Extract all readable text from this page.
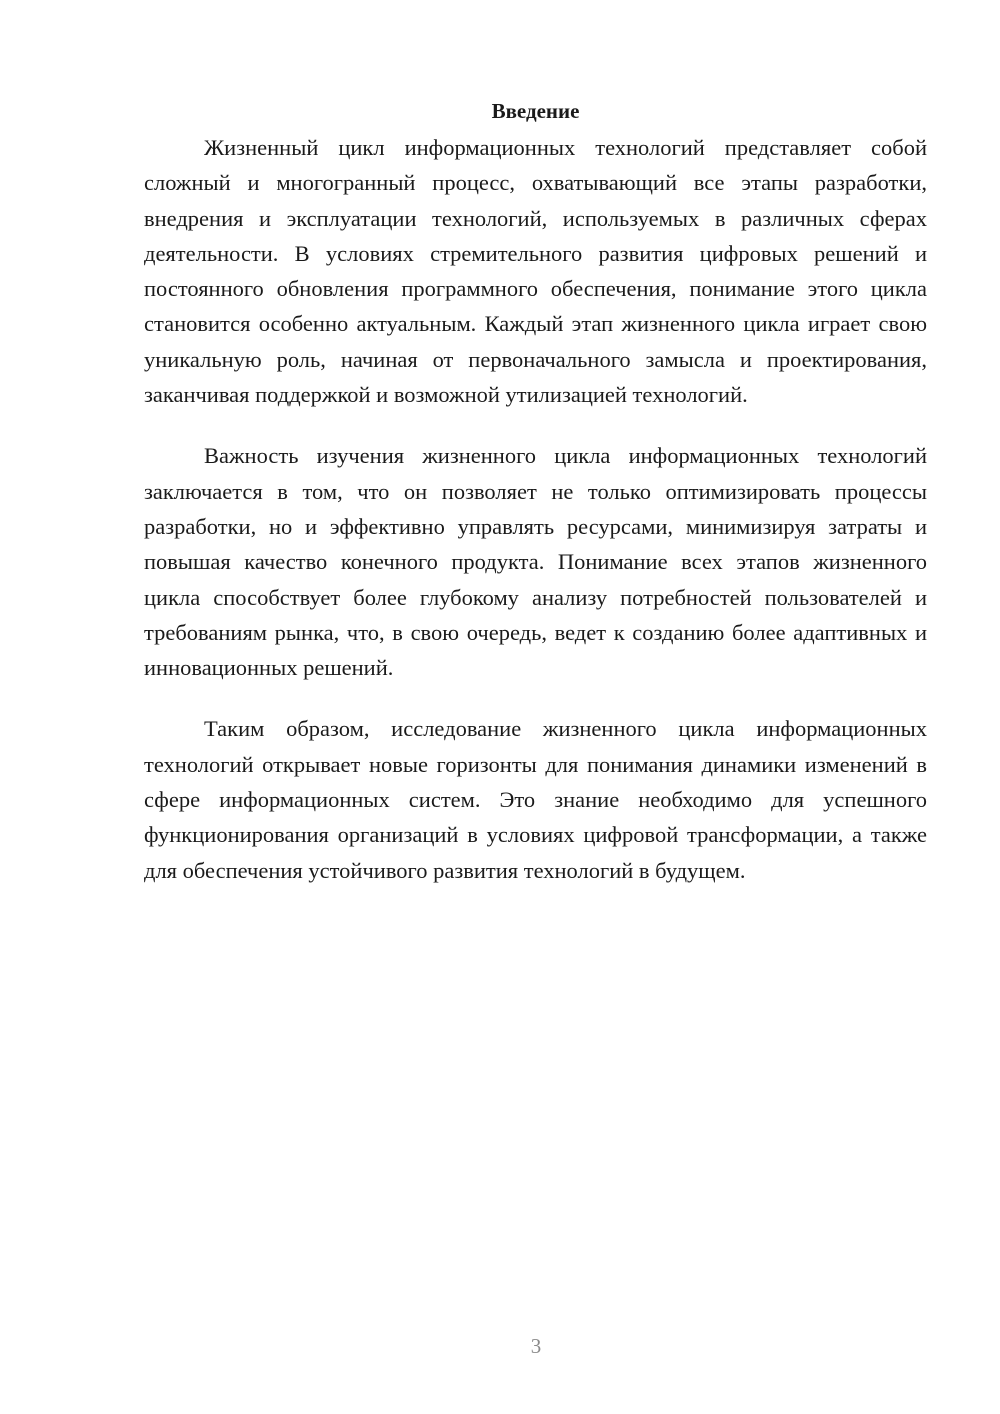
Введение

Жизненный цикл информационных технологий представляет собой сложный и многогранный процесс, охватывающий все этапы разработки, внедрения и эксплуатации технологий, используемых в различных сферах деятельности. В условиях стремительного развития цифровых решений и постоянного обновления программного обеспечения, понимание этого цикла становится особенно актуальным. Каждый этап жизненного цикла играет свою уникальную роль, начиная от первоначального замысла и проектирования, заканчивая поддержкой и возможной утилизацией технологий.

Важность изучения жизненного цикла информационных технологий заключается в том, что он позволяет не только оптимизировать процессы разработки, но и эффективно управлять ресурсами, минимизируя затраты и повышая качество конечного продукта. Понимание всех этапов жизненного цикла способствует более глубокому анализу потребностей пользователей и требованиям рынка, что, в свою очередь, ведет к созданию более адаптивных и инновационных решений.

Таким образом, исследование жизненного цикла информационных технологий открывает новые горизонты для понимания динамики изменений в сфере информационных систем. Это знание необходимо для успешного функционирования организаций в условиях цифровой трансформации, а также для обеспечения устойчивого развития технологий в будущем.

3
